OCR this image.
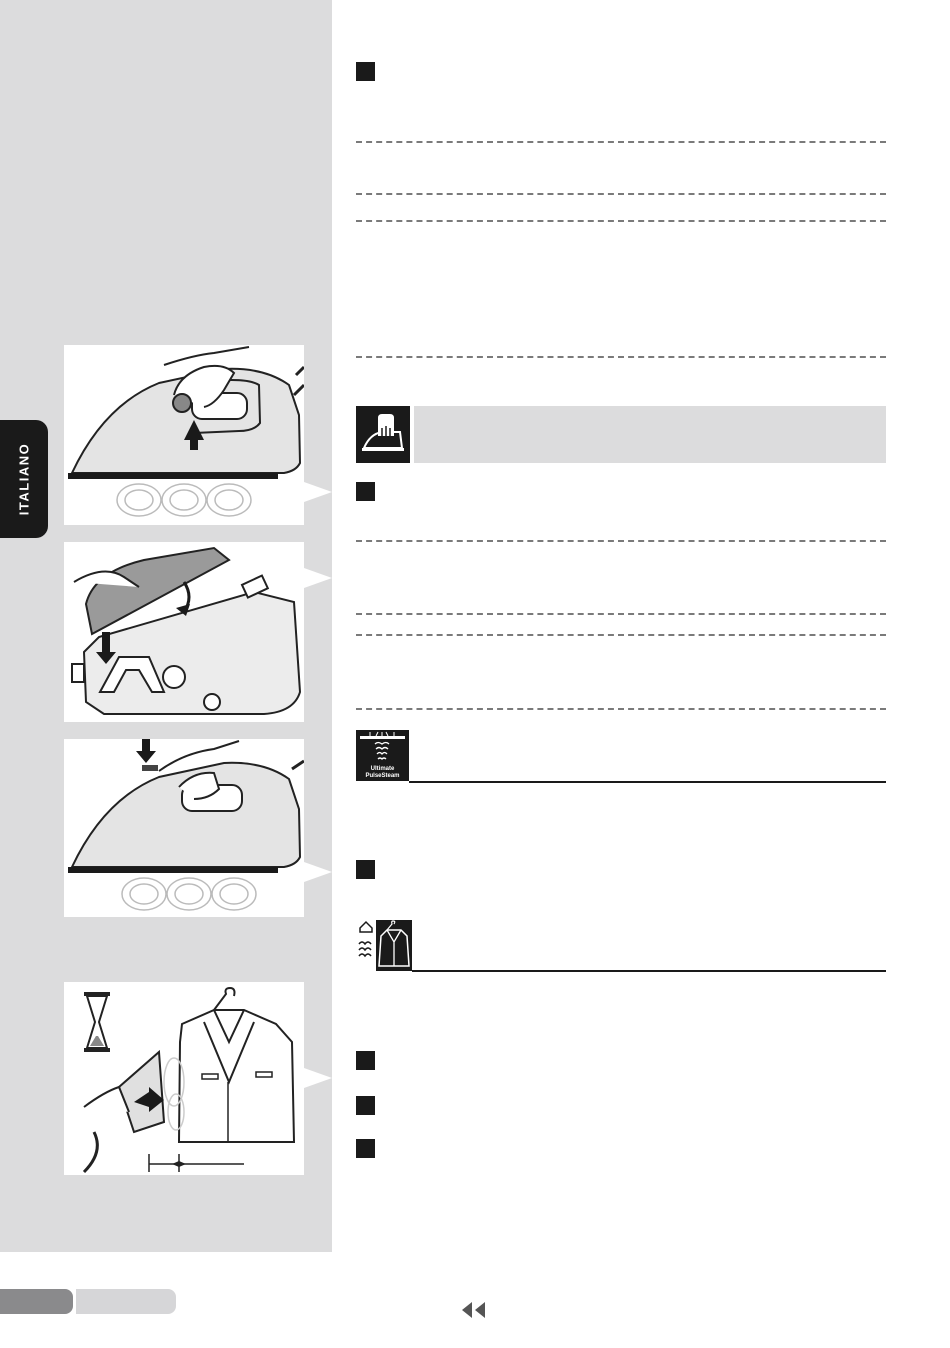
ITALIANO
Ultimate
PulseSteam
